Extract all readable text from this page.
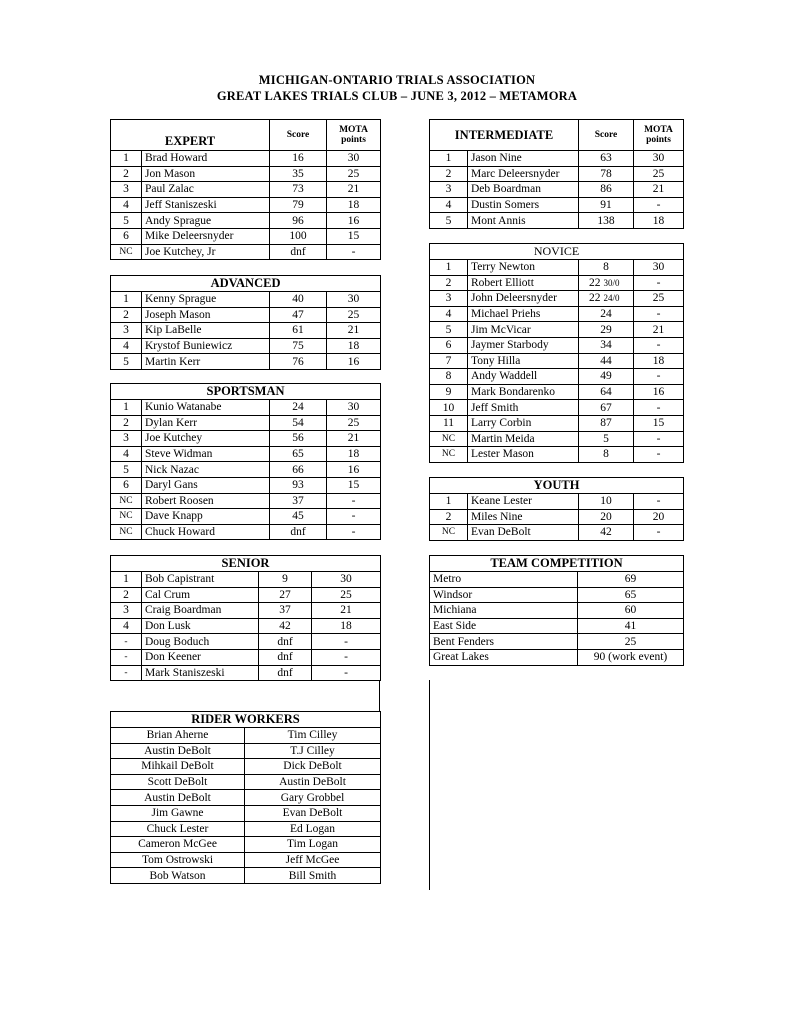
MICHIGAN-ONTARIO TRIALS ASSOCIATION
GREAT LAKES TRIALS CLUB – JUNE 3, 2012 – METAMORA
EXPERT		Score	MOTA points
1	Brad Howard	16	30
2	Jon Mason	35	25
3	Paul Zalac	73	21
4	Jeff Staniszeski	79	18
5	Andy Sprague	96	16
6	Mike Deleersnyder	100	15
NC	Joe Kutchey, Jr	dnf	-
ADVANCED			
1	Kenny Sprague	40	30
2	Joseph Mason	47	25
3	Kip LaBelle	61	21
4	Krystof Buniewicz	75	18
5	Martin Kerr	76	16
SPORTSMAN			
1	Kunio Watanabe	24	30
2	Dylan Kerr	54	25
3	Joe Kutchey	56	21
4	Steve Widman	65	18
5	Nick Nazac	66	16
6	Daryl Gans	93	15
NC	Robert Roosen	37	-
NC	Dave Knapp	45	-
NC	Chuck Howard	dnf	-
SENIOR			
1	Bob Capistrant	9	30
2	Cal Crum	27	25
3	Craig Boardman	37	21
4	Don Lusk	42	18
-	Doug Boduch	dnf	-
-	Don Keener	dnf	-
-	Mark Staniszeski	dnf	-
RIDER WORKERS	
Brian Aherne	Tim Cilley
Austin DeBolt	T.J Cilley
Mihkail DeBolt	Dick DeBolt
Scott DeBolt	Austin DeBolt
Austin DeBolt	Gary Grobbel
Jim Gawne	Evan DeBolt
Chuck Lester	Ed Logan
Cameron McGee	Tim Logan
Tom Ostrowski	Jeff McGee
Bob Watson	Bill Smith
INTERMEDIATE		Score	MOTA points
1	Jason Nine	63	30
2	Marc Deleersnyder	78	25
3	Deb Boardman	86	21
4	Dustin Somers	91	-
5	Mont Annis	138	18
NOVICE			
1	Terry Newton	8	30
2	Robert Elliott	22 30/0	-
3	John Deleersnyder	22 24/0	25
4	Michael Priehs	24	-
5	Jim McVicar	29	21
6	Jaymer Starbody	34	-
7	Tony Hilla	44	18
8	Andy Waddell	49	-
9	Mark Bondarenko	64	16
10	Jeff Smith	67	-
11	Larry Corbin	87	15
NC	Martin Meida	5	-
NC	Lester Mason	8	-
YOUTH			
1	Keane Lester	10	-
2	Miles Nine	20	20
NC	Evan DeBolt	42	-
TEAM COMPETITION	
Metro	69
Windsor	65
Michiana	60
East Side	41
Bent Fenders	25
Great Lakes	90 (work event)
